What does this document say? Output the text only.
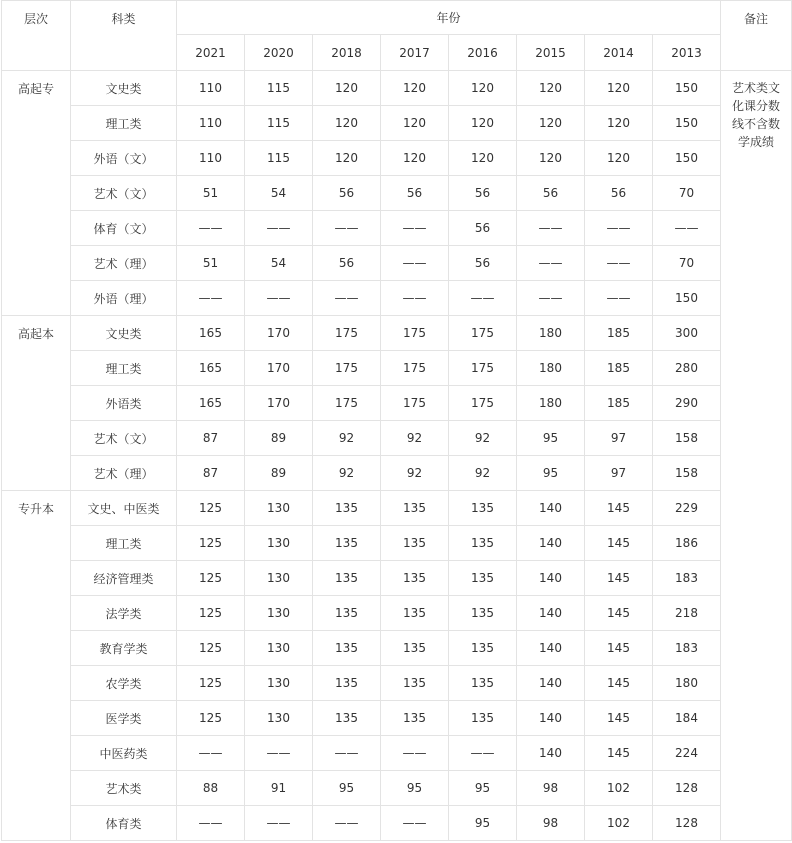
层次	科类	年份								备注
		2021	2020	2018	2017	2016	2015	2014	2013	
高起专	文史类	110	115	120	120	120	120	120	150	艺术类文化课分数线不含数学成绩

	理工类	110	115	120	120	120	120	120	150	
	外语（文）	110	115	120	120	120	120	120	150	
	艺术（文）	51	54	56	56	56	56	56	70	
	体育（文）	——	——	——	——	56	——	——	——	
	艺术（理）	51	54	56	——	56	——	——	70	
	外语（理）	——	——	——	——	——	——	——	150	
高起本	文史类	165	170	175	175	175	180	185	300	
	理工类	165	170	175	175	175	180	185	280	
	外语类	165	170	175	175	175	180	185	290	
	艺术（文）	87	89	92	92	92	95	97	158	
	艺术（理）	87	89	92	92	92	95	97	158	
专升本	文史、中医类	125	130	135	135	135	140	145	229	
	理工类	125	130	135	135	135	140	145	186	
	经济管理类	125	130	135	135	135	140	145	183	
	法学类	125	130	135	135	135	140	145	218	
	教育学类	125	130	135	135	135	140	145	183	
	农学类	125	130	135	135	135	140	145	180	
	医学类	125	130	135	135	135	140	145	184	
	中医药类	——	——	——	——	——	140	145	224	
	艺术类	88	91	95	95	95	98	102	128	
	体育类	——	——	——	——	95	98	102	128	
